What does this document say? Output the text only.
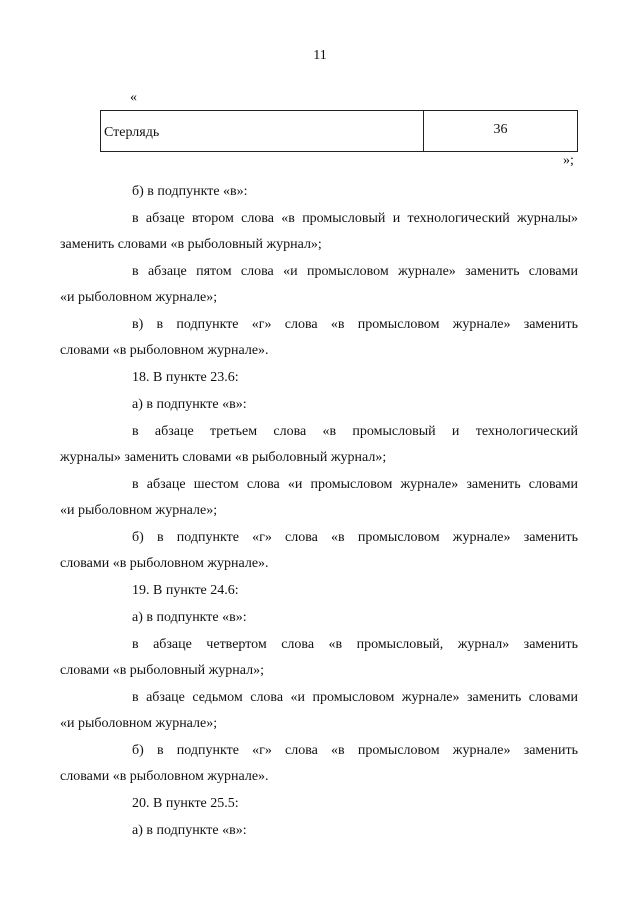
11
«
Стерлядь	36
»;
б) в подпункте «в»:
в абзаце втором слова «в промысловый и технологический журналы»
заменить словами «в рыболовный журнал»;
в абзаце пятом слова «и промысловом журнале» заменить словами
«и рыболовном журнале»;
в) в подпункте «г» слова «в промысловом журнале» заменить
словами «в рыболовном журнале».
18. В пункте 23.6:
а) в подпункте «в»:
в абзаце третьем слова «в промысловый и технологический
журналы» заменить словами «в рыболовный журнал»;
в абзаце шестом слова «и промысловом журнале» заменить словами
«и рыболовном журнале»;
б) в подпункте «г» слова «в промысловом журнале» заменить
словами «в рыболовном журнале».
19. В пункте 24.6:
а) в подпункте «в»:
в абзаце четвертом слова «в промысловый, журнал» заменить
словами «в рыболовный журнал»;
в абзаце седьмом слова «и промысловом журнале» заменить словами
«и рыболовном журнале»;
б) в подпункте «г» слова «в промысловом журнале» заменить
словами «в рыболовном журнале».
20. В пункте 25.5:
а) в подпункте «в»:
